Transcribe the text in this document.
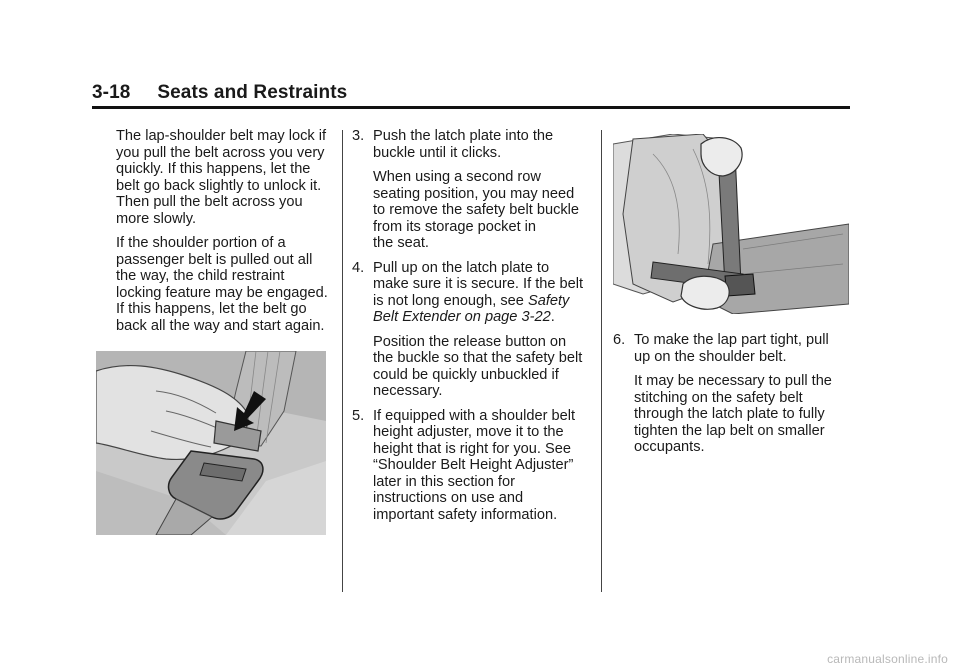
3-18 Seats and Restraints

The lap-shoulder belt may lock if
you pull the belt across you very
quickly. If this happens, let the
belt go back slightly to unlock it.
Then pull the belt across you
more slowly.

If the shoulder portion of a
passenger belt is pulled out all
the way, the child restraint
locking feature may be engaged.
If this happens, let the belt go
back all the way and start again.

3. Push the latch plate into the
buckle until it clicks.

When using a second row
seating position, you may need
to remove the safety belt buckle
from its storage pocket in
the seat.

4. Pull up on the latch plate to
make sure it is secure. If the belt
is not long enough, see Safety
Belt Extender on page 3-22.

Position the release button on
the buckle so that the safety belt
could be quickly unbuckled if
necessary.

5. If equipped with a shoulder belt
height adjuster, move it to the
height that is right for you. See
“Shoulder Belt Height Adjuster”
later in this section for
instructions on use and
important safety information.

6. To make the lap part tight, pull
up on the shoulder belt.

It may be necessary to pull the
stitching on the safety belt
through the latch plate to fully
tighten the lap belt on smaller
occupants.

carmanualsonline.info
